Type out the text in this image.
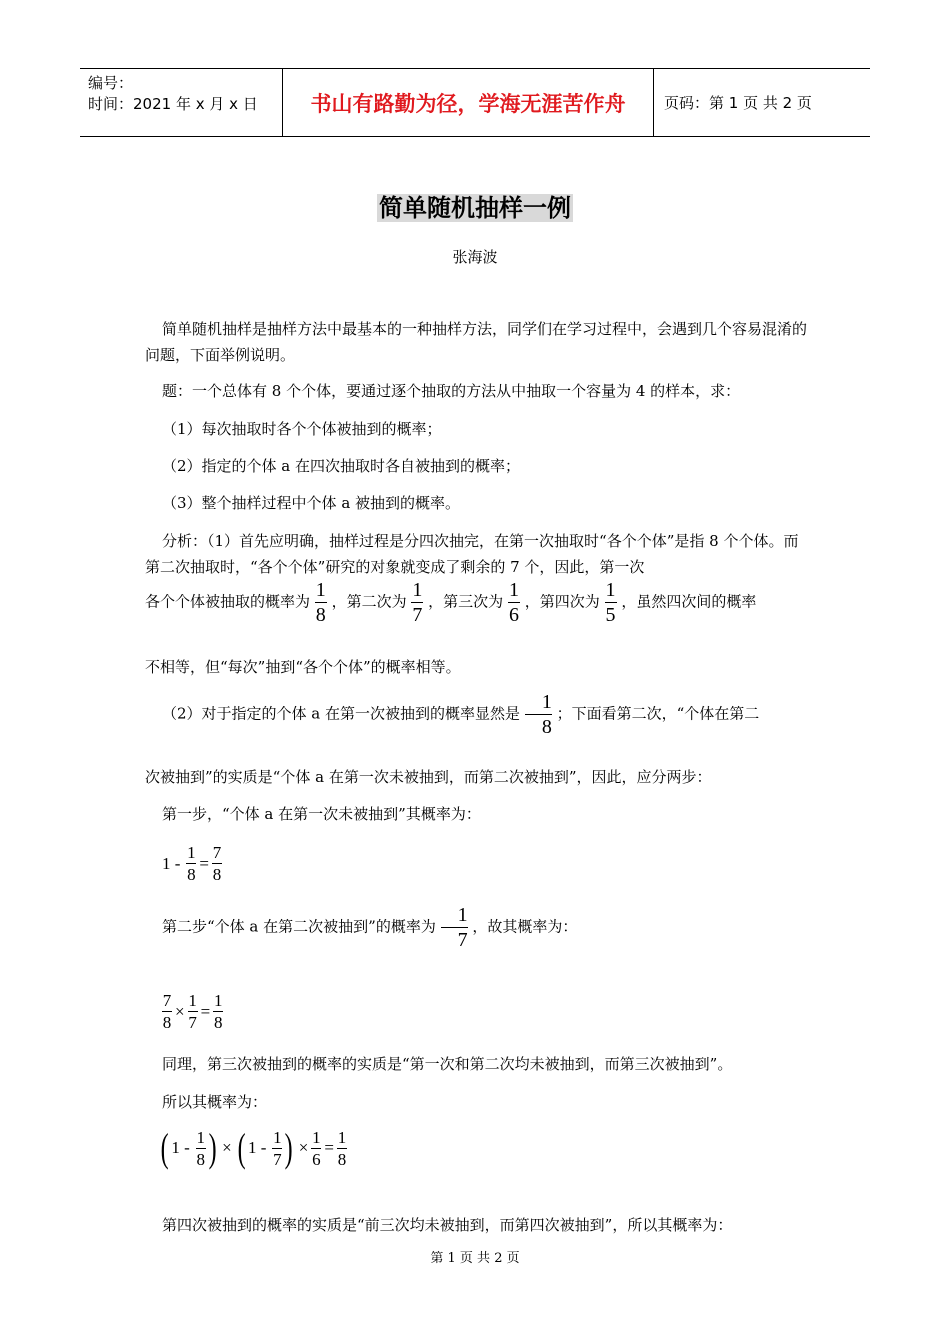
编号：
时间：2021 年 x 月 x 日	书山有路勤为径，学海无涯苦作舟	页码：第 1 页 共 2 页
简单随机抽样一例
张海波
简单随机抽样是抽样方法中最基本的一种抽样方法，同学们在学习过程中，会遇到几个容易混淆的问题，下面举例说明。
题：一个总体有 8 个个体，要通过逐个抽取的方法从中抽取一个容量为 4 的样本，求：
（1）每次抽取时各个个体被抽到的概率；
（2）指定的个体 a 在四次抽取时各自被抽到的概率；
（3）整个抽样过程中个体 a 被抽到的概率。
分析：（1）首先应明确，抽样过程是分四次抽完，在第一次抽取时“各个个体”是指 8 个个体。而第二次抽取时，“各个个体”研究的对象就变成了剩余的 7 个，因此，第一次
各个个体被抽取的概率为 $\frac{1}{8}$ ，第二次为 $\frac{1}{7}$ ，第三次为 $\frac{1}{6}$ ，第四次为 $\frac{1}{5}$ ，虽然四次间的概率
不相等，但“每次”抽到“各个个体”的概率相等。
（2）对于指定的个体 a 在第一次被抽到的概率显然是 $\frac{1}{8}$ ；下面看第二次，“个体在第二
次被抽到”的实质是“个体 a 在第一次未被抽到，而第二次被抽到”，因此，应分两步：
第一步，“个体 a 在第一次未被抽到”其概率为：
$1 - \frac{1}{8} = \frac{7}{8}$
第二步“个体 a 在第二次被抽到”的概率为 $\frac{1}{7}$ ，故其概率为：
$\frac{7}{8} \times \frac{1}{7} = \frac{1}{8}$
同理，第三次被抽到的概率的实质是“第一次和第二次均未被抽到，而第三次被抽到”。
所以其概率为：
( $1 - \frac{1}{8}$ ) × ( $1 - \frac{1}{7}$ ) × $\frac{1}{6} = \frac{1}{8}$
第四次被抽到的概率的实质是“前三次均未被抽到，而第四次被抽到”，所以其概率为：
第 1 页 共 2 页
